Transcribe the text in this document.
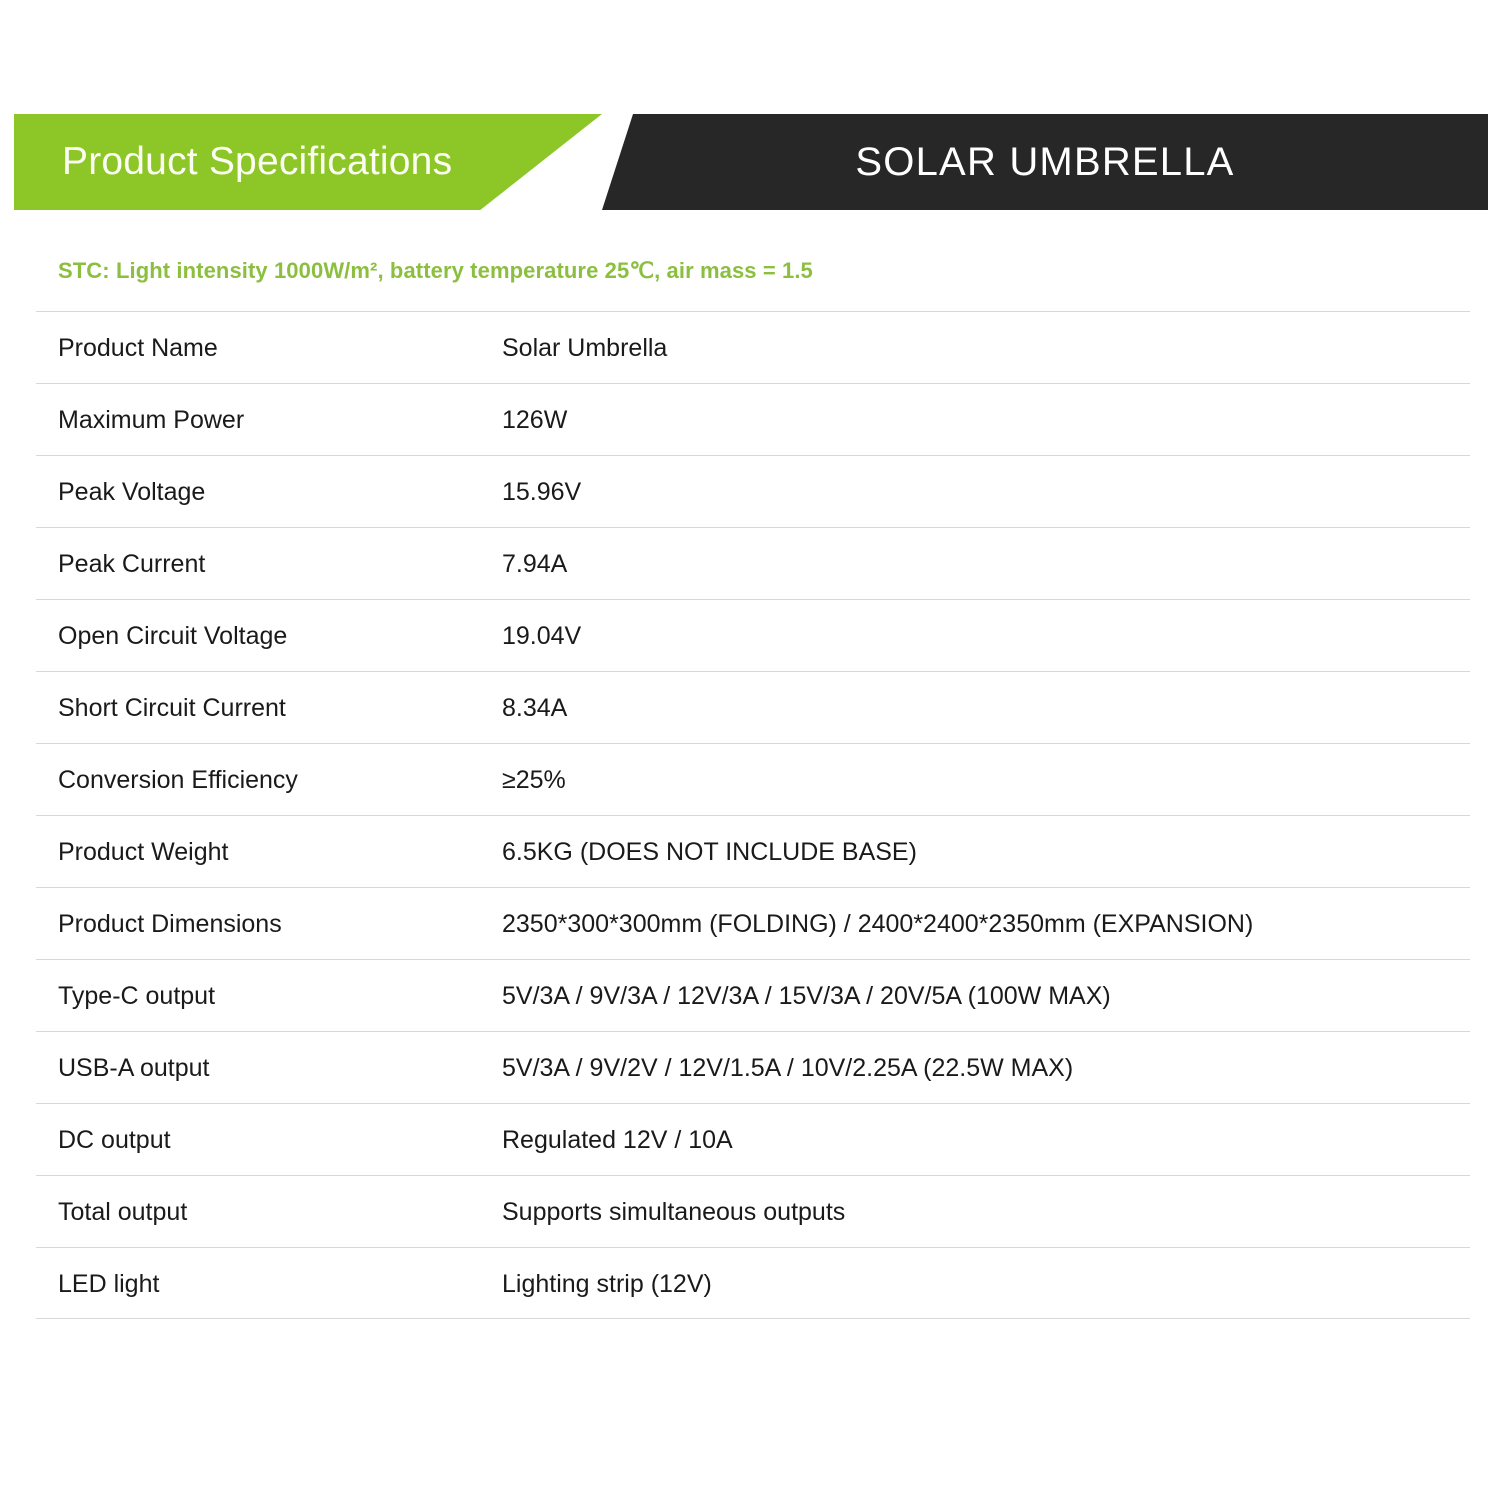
Product Specifications	SOLAR UMBRELLA
STC: Light intensity 1000W/m², battery temperature 25℃, air mass = 1.5
Product Name	Solar Umbrella
Maximum Power	126W
Peak Voltage	15.96V
Peak Current	7.94A
Open Circuit Voltage	19.04V
Short Circuit Current	8.34A
Conversion Efficiency	≥25%
Product Weight	6.5KG (DOES NOT INCLUDE BASE)
Product Dimensions	2350*300*300mm (FOLDING) / 2400*2400*2350mm (EXPANSION)
Type-C output	5V/3A / 9V/3A / 12V/3A / 15V/3A / 20V/5A (100W MAX)
USB-A output	5V/3A / 9V/2V / 12V/1.5A / 10V/2.25A (22.5W MAX)
DC output	Regulated 12V / 10A
Total output	Supports simultaneous outputs
LED light	Lighting strip (12V)
